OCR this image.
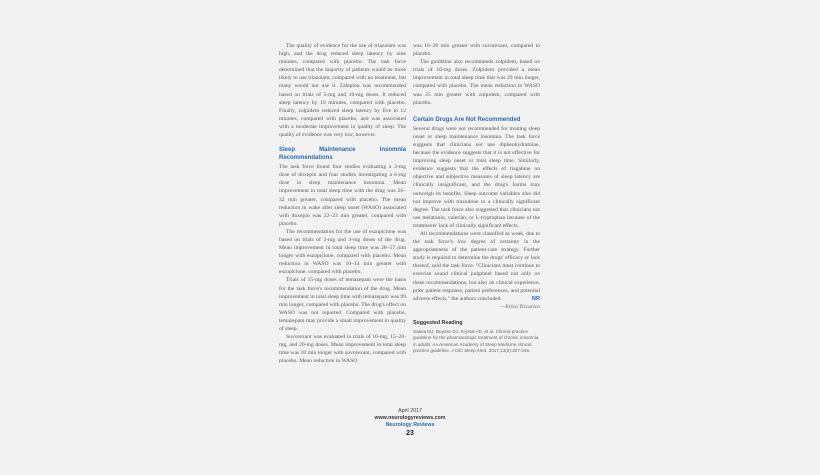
The quality of evidence for the use of triazolam was high, and the drug reduced sleep latency by nine minutes, compared with placebo. The task force determined that the majority of patients would be more likely to use triazolam, compared with no treatment, but many would not use it. Zaleplon was recommended based on trials of 5-mg and 10-mg doses. It reduced sleep latency by 10 minutes, compared with placebo. Finally, zolpidem reduced sleep latency by five to 12 minutes, compared with placebo, and was associated with a moderate improvement in quality of sleep. The quality of evidence was very low, however.

Sleep Maintenance Insomnia Recommendations

The task force found four studies evaluating a 3-mg dose of doxepin and four studies investigating a 6-mg dose in sleep maintenance insomnia. Mean improvement in total sleep time with the drug was 26–32 min greater, compared with placebo. The mean reduction in wake after sleep onset (WASO) associated with doxepin was 22–23 min greater, compared with placebo.

The recommendation for the use of eszopiclone was based on trials of 2-mg and 3-mg doses of the drug. Mean improvement in total sleep time was 28–57 min longer with eszopiclone, compared with placebo. Mean reduction in WASO was 10–14 min greater with eszopiclone, compared with placebo.

Trials of 15-mg doses of temazepam were the basis for the task force's recommendation of the drug. Mean improvement in total sleep time with temazepam was 99 min longer, compared with placebo. The drug's effect on WASO was not reported. Compared with placebo, temazepam may provide a small improvement in quality of sleep.

Suvorexant was evaluated in trials of 10-mg, 15–20-mg, and 20-mg doses. Mean improvement in total sleep time was 10 min longer with suvorexant, compared with placebo. Mean reduction in WASO

was 16–28 min greater with suvorexant, compared to placebo.

The guideline also recommends zolpidem, based on trials of 10-mg doses. Zolpidem provided a mean improvement in total sleep time that was 29 min longer, compared with placebo. The mean reduction in WASO was 25 min greater with zolpidem, compared with placebo.

Certain Drugs Are Not Recommended

Several drugs were not recommended for treating sleep onset or sleep maintenance insomnia. The task force suggests that clinicians not use diphenhydramine, because the evidence suggests that it is not effective for improving sleep onset or total sleep time. Similarly, evidence suggests that the effects of tiagabine on objective and subjective measures of sleep latency are clinically insignificant, and the drug's harms may outweigh its benefits. Sleep outcome variables also did not improve with trazodone to a clinically significant degree. The task force also suggested that clinicians not use melatonin, valerian, or L-tryptophan because of the treatments' lack of clinically significant effects.

All recommendations were classified as weak, due to the task force's low degree of certainty in the appropriateness of the patient-care strategy. Further study is required to determine the drugs' efficacy or lack thereof, said the task force. "Clinicians must continue to exercise sound clinical judgment based not only on these recommendations, but also on clinical experience, prior patient response, patient preferences, and potential adverse effects," the authors concluded.	NR

—Erica Tricarico

Suggested Reading
Sateia MJ, Buysse DJ, Krystal AD, et al. Clinical practice guideline for the pharmacologic treatment of chronic insomnia in adults: An American Academy of Sleep Medicine clinical practice guideline. J Clin Sleep Med. 2017;13(2):307-349.
April 2017
www.neurologyreviews.com
Neurology Reviews
23
